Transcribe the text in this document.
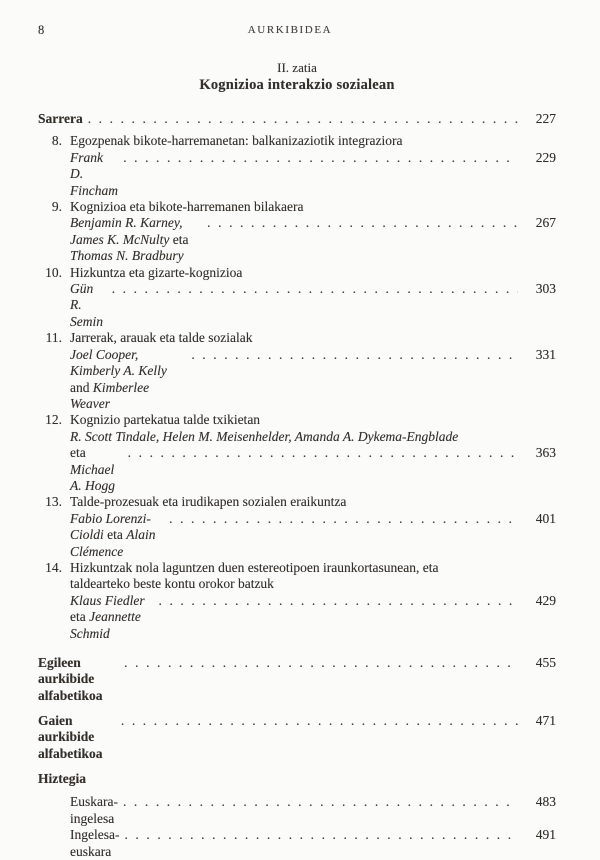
8	AURKIBIDEA
II. zatia
Kognizioa interakzio sozialean
Sarrera . . .	227
8. Egozpenak bikote-harremanetan: balkanizaziotik integraziora
Frank D. Fincham
. . .
229
9. Kognizioa eta bikote-harremanen bilakaera
Benjamin R. Karney, James K. McNulty eta Thomas N. Bradbury
. . .
267
10. Hizkuntza eta gizarte-kognizioa
Gün R. Semin
. . .
303
11. Jarrerak, arauak eta talde sozialak
Joel Cooper, Kimberly A. Kelly and Kimberlee Weaver
. . .
331
12. Kognizio partekatua talde txikietan
R. Scott Tindale, Helen M. Meisenhelder, Amanda A. Dykema-Engblade
eta Michael A. Hogg
. . .
363
13. Talde-prozesuak eta irudikapen sozialen eraikuntza
Fabio Lorenzi-Cioldi eta Alain Clémence
. . .
401
14. Hizkuntzak nola laguntzen duen estereotipoen iraunkortasunean, eta
taldearteko beste kontu orokor batzuk
Klaus Fiedler eta Jeannette Schmid
. . .
429
Egileen aurkibide alfabetikoa
. . .
455
Gaien aurkibide alfabetikoa
. . .
471
Hiztegia
Euskara-ingelesa
. . .
483
Ingelesa-euskara
. . .
491
